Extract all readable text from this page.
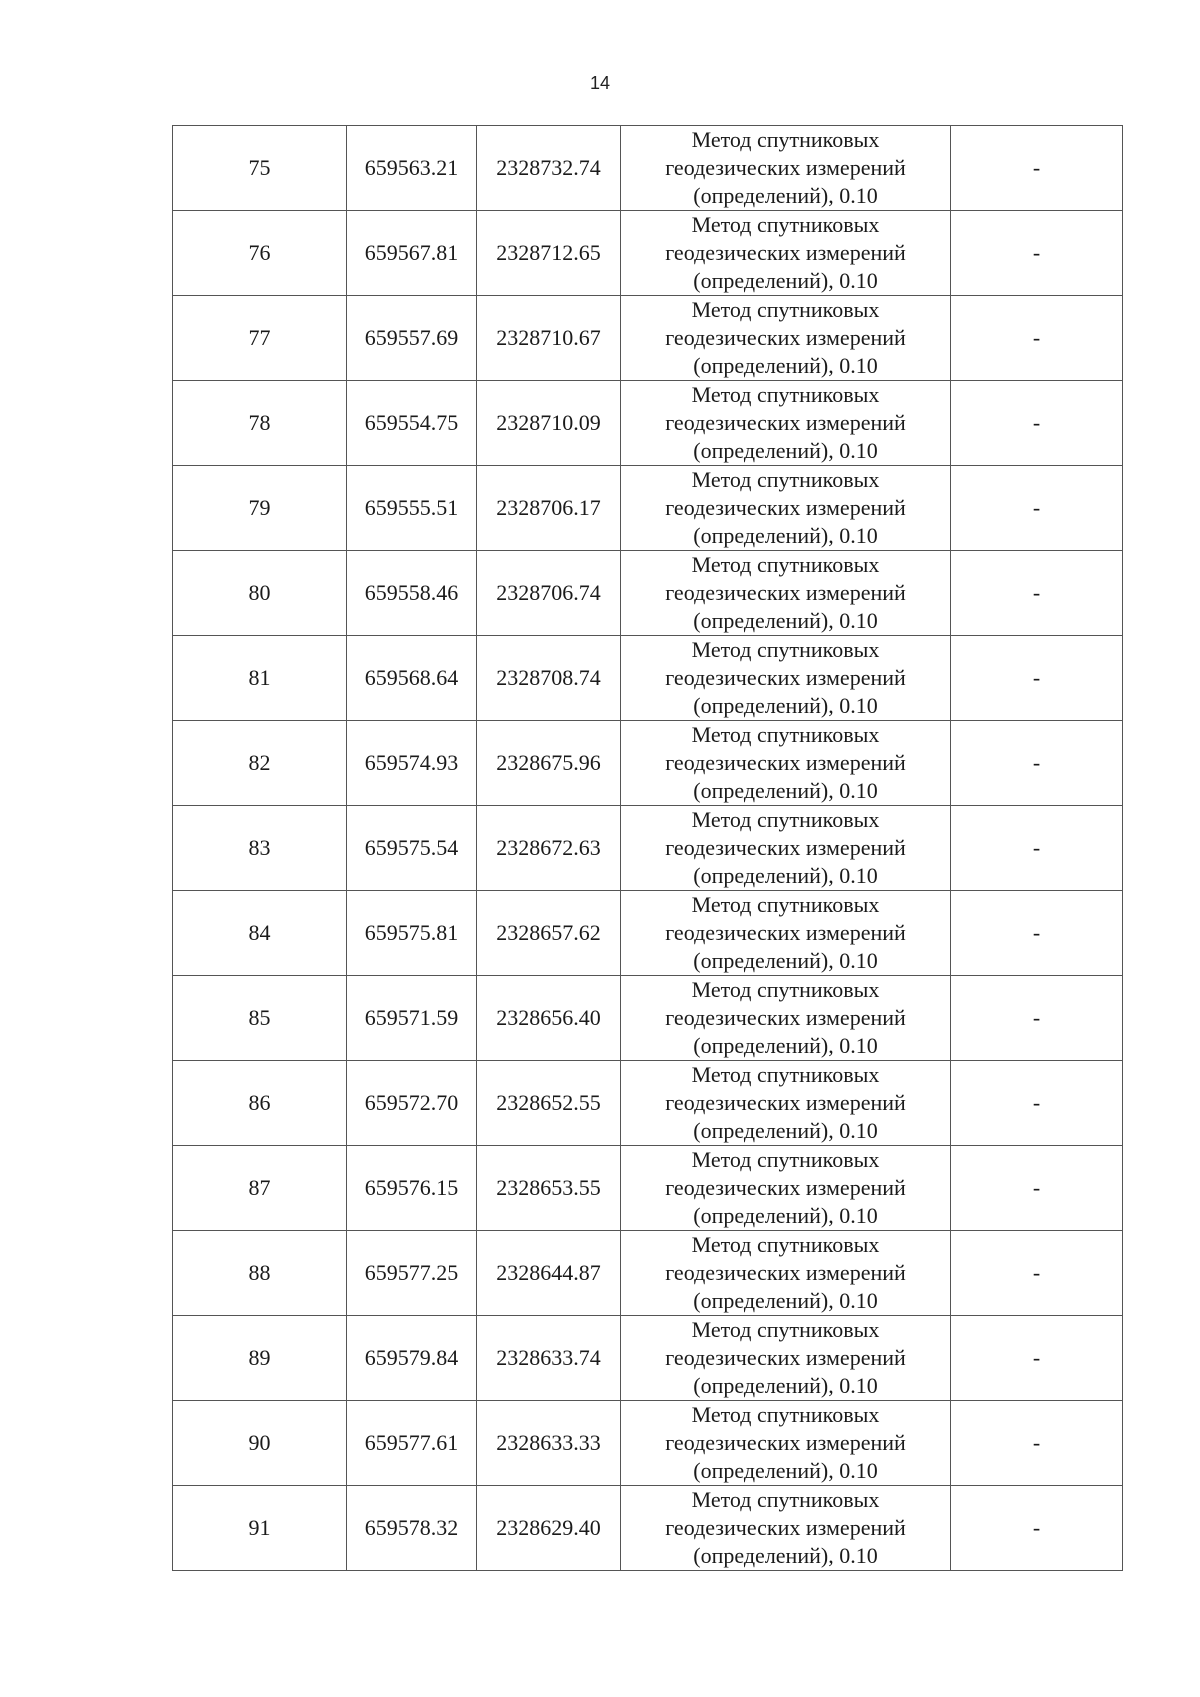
14
75	659563.21	2328732.74	Метод спутниковых
геодезических измерений
(определений), 0.10	-
76	659567.81	2328712.65	Метод спутниковых
геодезических измерений
(определений), 0.10	-
77	659557.69	2328710.67	Метод спутниковых
геодезических измерений
(определений), 0.10	-
78	659554.75	2328710.09	Метод спутниковых
геодезических измерений
(определений), 0.10	-
79	659555.51	2328706.17	Метод спутниковых
геодезических измерений
(определений), 0.10	-
80	659558.46	2328706.74	Метод спутниковых
геодезических измерений
(определений), 0.10	-
81	659568.64	2328708.74	Метод спутниковых
геодезических измерений
(определений), 0.10	-
82	659574.93	2328675.96	Метод спутниковых
геодезических измерений
(определений), 0.10	-
83	659575.54	2328672.63	Метод спутниковых
геодезических измерений
(определений), 0.10	-
84	659575.81	2328657.62	Метод спутниковых
геодезических измерений
(определений), 0.10	-
85	659571.59	2328656.40	Метод спутниковых
геодезических измерений
(определений), 0.10	-
86	659572.70	2328652.55	Метод спутниковых
геодезических измерений
(определений), 0.10	-
87	659576.15	2328653.55	Метод спутниковых
геодезических измерений
(определений), 0.10	-
88	659577.25	2328644.87	Метод спутниковых
геодезических измерений
(определений), 0.10	-
89	659579.84	2328633.74	Метод спутниковых
геодезических измерений
(определений), 0.10	-
90	659577.61	2328633.33	Метод спутниковых
геодезических измерений
(определений), 0.10	-
91	659578.32	2328629.40	Метод спутниковых
геодезических измерений
(определений), 0.10	-
